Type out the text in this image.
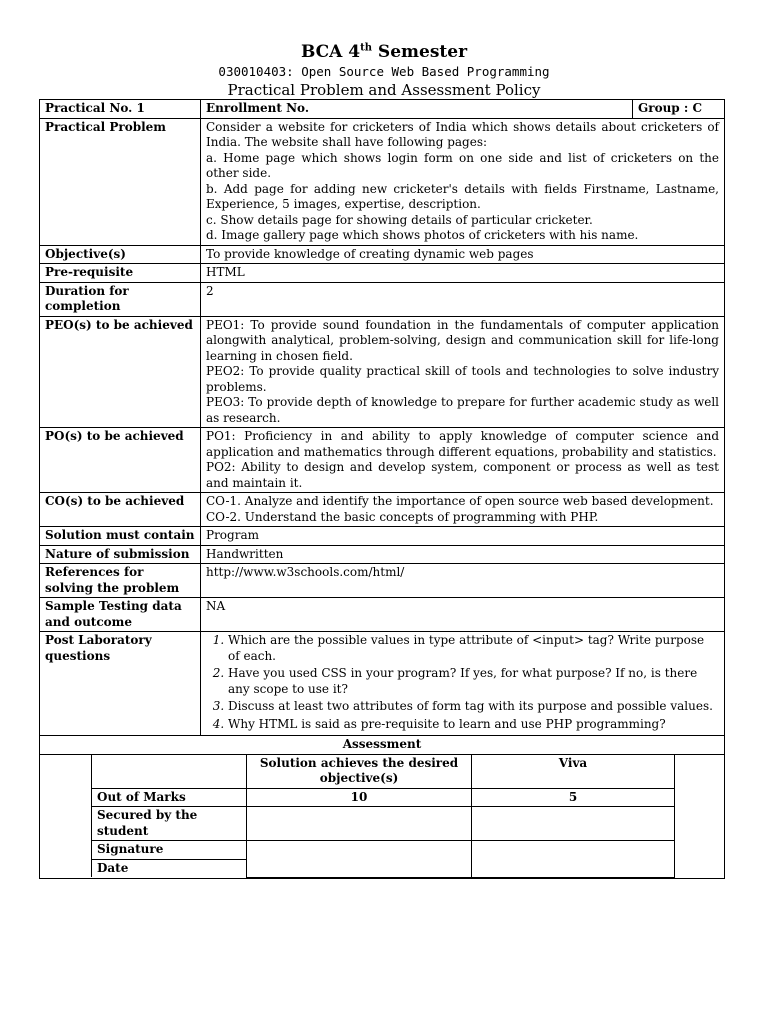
BCA 4th Semester
030010403: Open Source Web Based Programming
Practical Problem and Assessment Policy
Practical No. 1	Enrollment No.	Group : C
Practical Problem	Consider a website for cricketers of India which shows details about cricketers of India. The website shall have following pages:
a. Home page which shows login form on one side and list of cricketers on the other side.
b. Add page for adding new cricketer's details with fields Firstname, Lastname, Experience, 5 images, expertise, description.
c. Show details page for showing details of particular cricketer.
d. Image gallery page which shows photos of cricketers with his name.

Objective(s)	To provide knowledge of creating dynamic web pages
Pre-requisite	HTML
Duration for completion	2
PEO(s) to be achieved	PEO1: To provide sound foundation in the fundamentals of computer application alongwith analytical, problem-solving, design and communication skill for life-long learning in chosen field.
PEO2: To provide quality practical skill of tools and technologies to solve industry problems.
PEO3: To provide depth of knowledge to prepare for further academic study as well as research.

PO(s) to be achieved	PO1: Proficiency in and ability to apply knowledge of computer science and application and mathematics through different equations, probability and statistics.
PO2: Ability to design and develop system, component or process as well as test and maintain it.

CO(s) to be achieved	CO-1. Analyze and identify the importance of open source web based development.
CO-2. Understand the basic concepts of programming with PHP.

Solution must contain	Program
Nature of submission	Handwritten
References for solving the problem	http://www.w3schools.com/html/
Sample Testing data and outcome	NA
Post Laboratory questions	
1. Which are the possible values in type attribute of <input> tag? Write purpose of each.
2. Have you used CSS in your program? If yes, for what purpose? If no, is there any scope to use it?
3. Discuss at least two attributes of form tag with its purpose and possible values.
4. Why HTML is said as pre-requisite to learn and use PHP programming?

Assessment

	Solution achieves the desired objective(s)	Viva
Out of Marks	10	5
Secured by the student		
Signature		
Date
